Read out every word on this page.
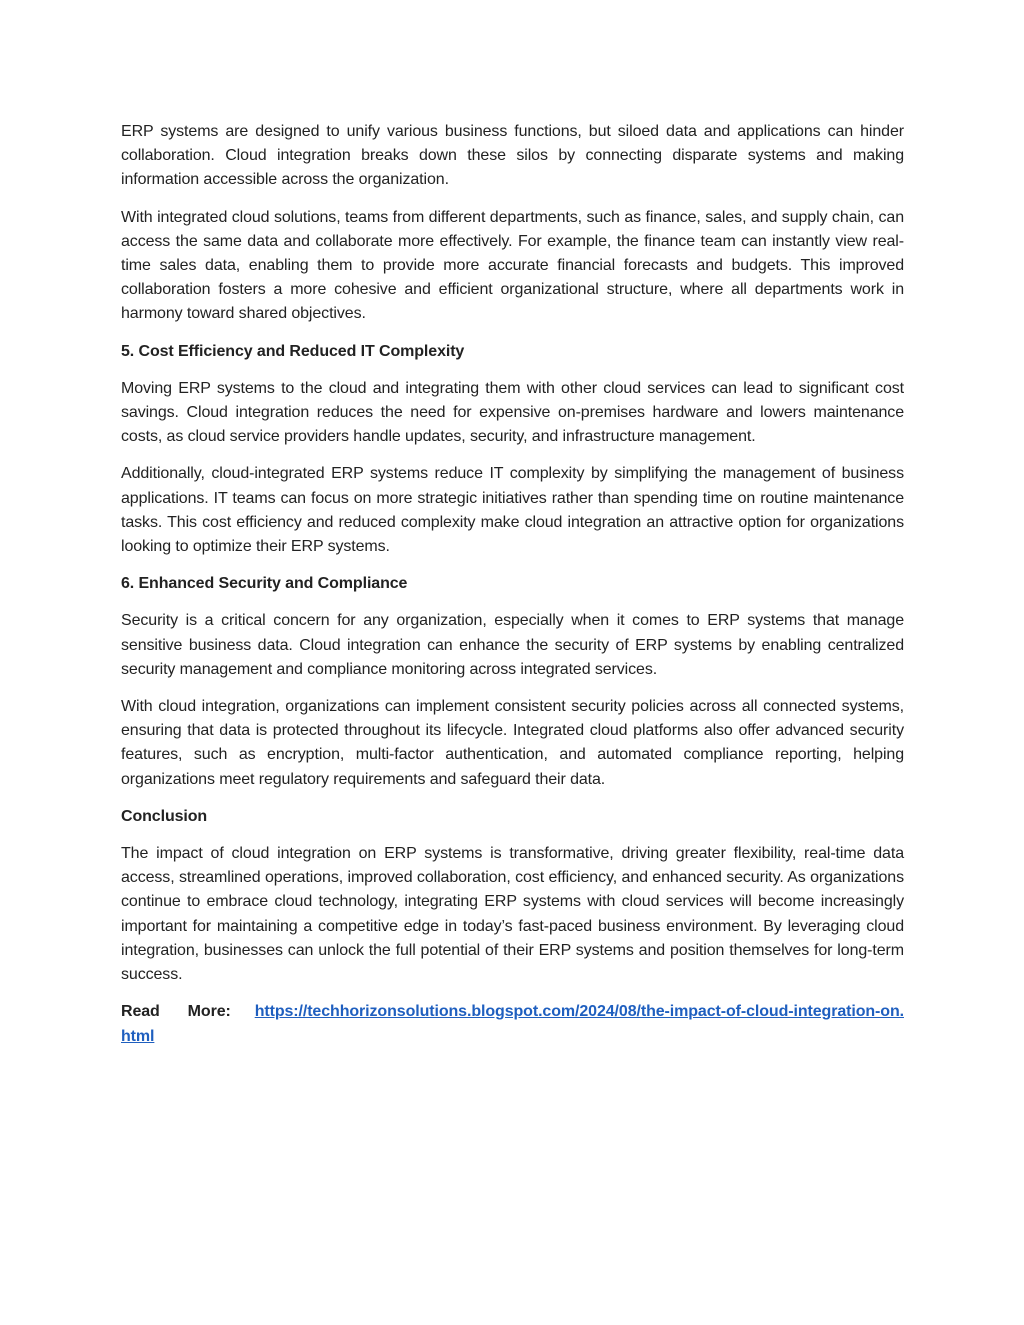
ERP systems are designed to unify various business functions, but siloed data and applications can hinder collaboration. Cloud integration breaks down these silos by connecting disparate systems and making information accessible across the organization.

With integrated cloud solutions, teams from different departments, such as finance, sales, and supply chain, can access the same data and collaborate more effectively. For example, the finance team can instantly view real-time sales data, enabling them to provide more accurate financial forecasts and budgets. This improved collaboration fosters a more cohesive and efficient organizational structure, where all departments work in harmony toward shared objectives.

5. Cost Efficiency and Reduced IT Complexity

Moving ERP systems to the cloud and integrating them with other cloud services can lead to significant cost savings. Cloud integration reduces the need for expensive on-premises hardware and lowers maintenance costs, as cloud service providers handle updates, security, and infrastructure management.

Additionally, cloud-integrated ERP systems reduce IT complexity by simplifying the management of business applications. IT teams can focus on more strategic initiatives rather than spending time on routine maintenance tasks. This cost efficiency and reduced complexity make cloud integration an attractive option for organizations looking to optimize their ERP systems.

6. Enhanced Security and Compliance

Security is a critical concern for any organization, especially when it comes to ERP systems that manage sensitive business data. Cloud integration can enhance the security of ERP systems by enabling centralized security management and compliance monitoring across integrated services.

With cloud integration, organizations can implement consistent security policies across all connected systems, ensuring that data is protected throughout its lifecycle. Integrated cloud platforms also offer advanced security features, such as encryption, multi-factor authentication, and automated compliance reporting, helping organizations meet regulatory requirements and safeguard their data.

Conclusion

The impact of cloud integration on ERP systems is transformative, driving greater flexibility, real-time data access, streamlined operations, improved collaboration, cost efficiency, and enhanced security. As organizations continue to embrace cloud technology, integrating ERP systems with cloud services will become increasingly important for maintaining a competitive edge in today’s fast-paced business environment. By leveraging cloud integration, businesses can unlock the full potential of their ERP systems and position themselves for long-term success.

Read More: https://techhorizonsolutions.blogspot.com/2024/08/the-impact-of-cloud-integration-on.html
